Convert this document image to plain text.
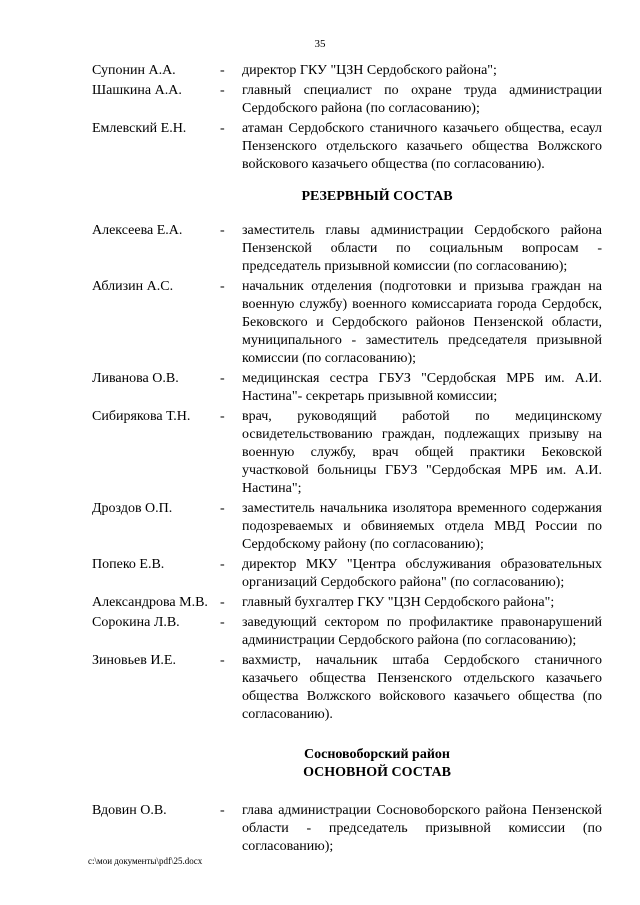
35
Супонин А.А.	-	директор ГКУ "ЦЗН Сердобского района";
Шашкина А.А.	-	главный специалист по охране труда администрации Сердобского района (по согласованию);
Емлевский Е.Н.	-	атаман Сердобского станичного казачьего общества, есаул Пензенского отдельского казачьего общества Волжского войскового казачьего общества (по согласованию).
РЕЗЕРВНЫЙ СОСТАВ
Алексеева Е.А.	-	заместитель главы администрации Сердобского района Пензенской области по социальным вопросам - председатель призывной комиссии (по согласованию);
Аблизин А.С.	-	начальник отделения (подготовки и призыва граждан на военную службу) военного комиссариата города Сердобск, Бековского и Сердобского районов Пензенской области, муниципального - заместитель председателя призывной комиссии (по согласованию);
Ливанова О.В.	-	медицинская сестра ГБУЗ "Сердобская МРБ им. А.И. Настина"- секретарь призывной комиссии;
Сибирякова Т.Н.	-	врач, руководящий работой по медицинскому освидетельствованию граждан, подлежащих призыву на военную службу, врач общей практики Бековской участковой больницы ГБУЗ "Сердобская МРБ им. А.И. Настина";
Дроздов О.П.	-	заместитель начальника изолятора временного содержания подозреваемых и обвиняемых отдела МВД России по Сердобскому району (по согласованию);
Попеко Е.В.	-	директор МКУ "Центра обслуживания образовательных организаций Сердобского района" (по согласованию);
Александрова М.В. -	главный бухгалтер ГКУ "ЦЗН Сердобского района";
Сорокина Л.В.	-	заведующий сектором по профилактике правонарушений администрации Сердобского района (по согласованию);
Зиновьев И.Е.	-	вахмистр, начальник штаба Сердобского станичного казачьего общества Пензенского отдельского казачьего общества Волжского войскового казачьего общества (по согласованию).
Сосновоборский район
ОСНОВНОЙ СОСТАВ
Вдовин О.В.	-	глава администрации Сосновоборского района Пензенской области - председатель призывной комиссии (по согласованию);
c:\мои документы\pdf\25.docx
